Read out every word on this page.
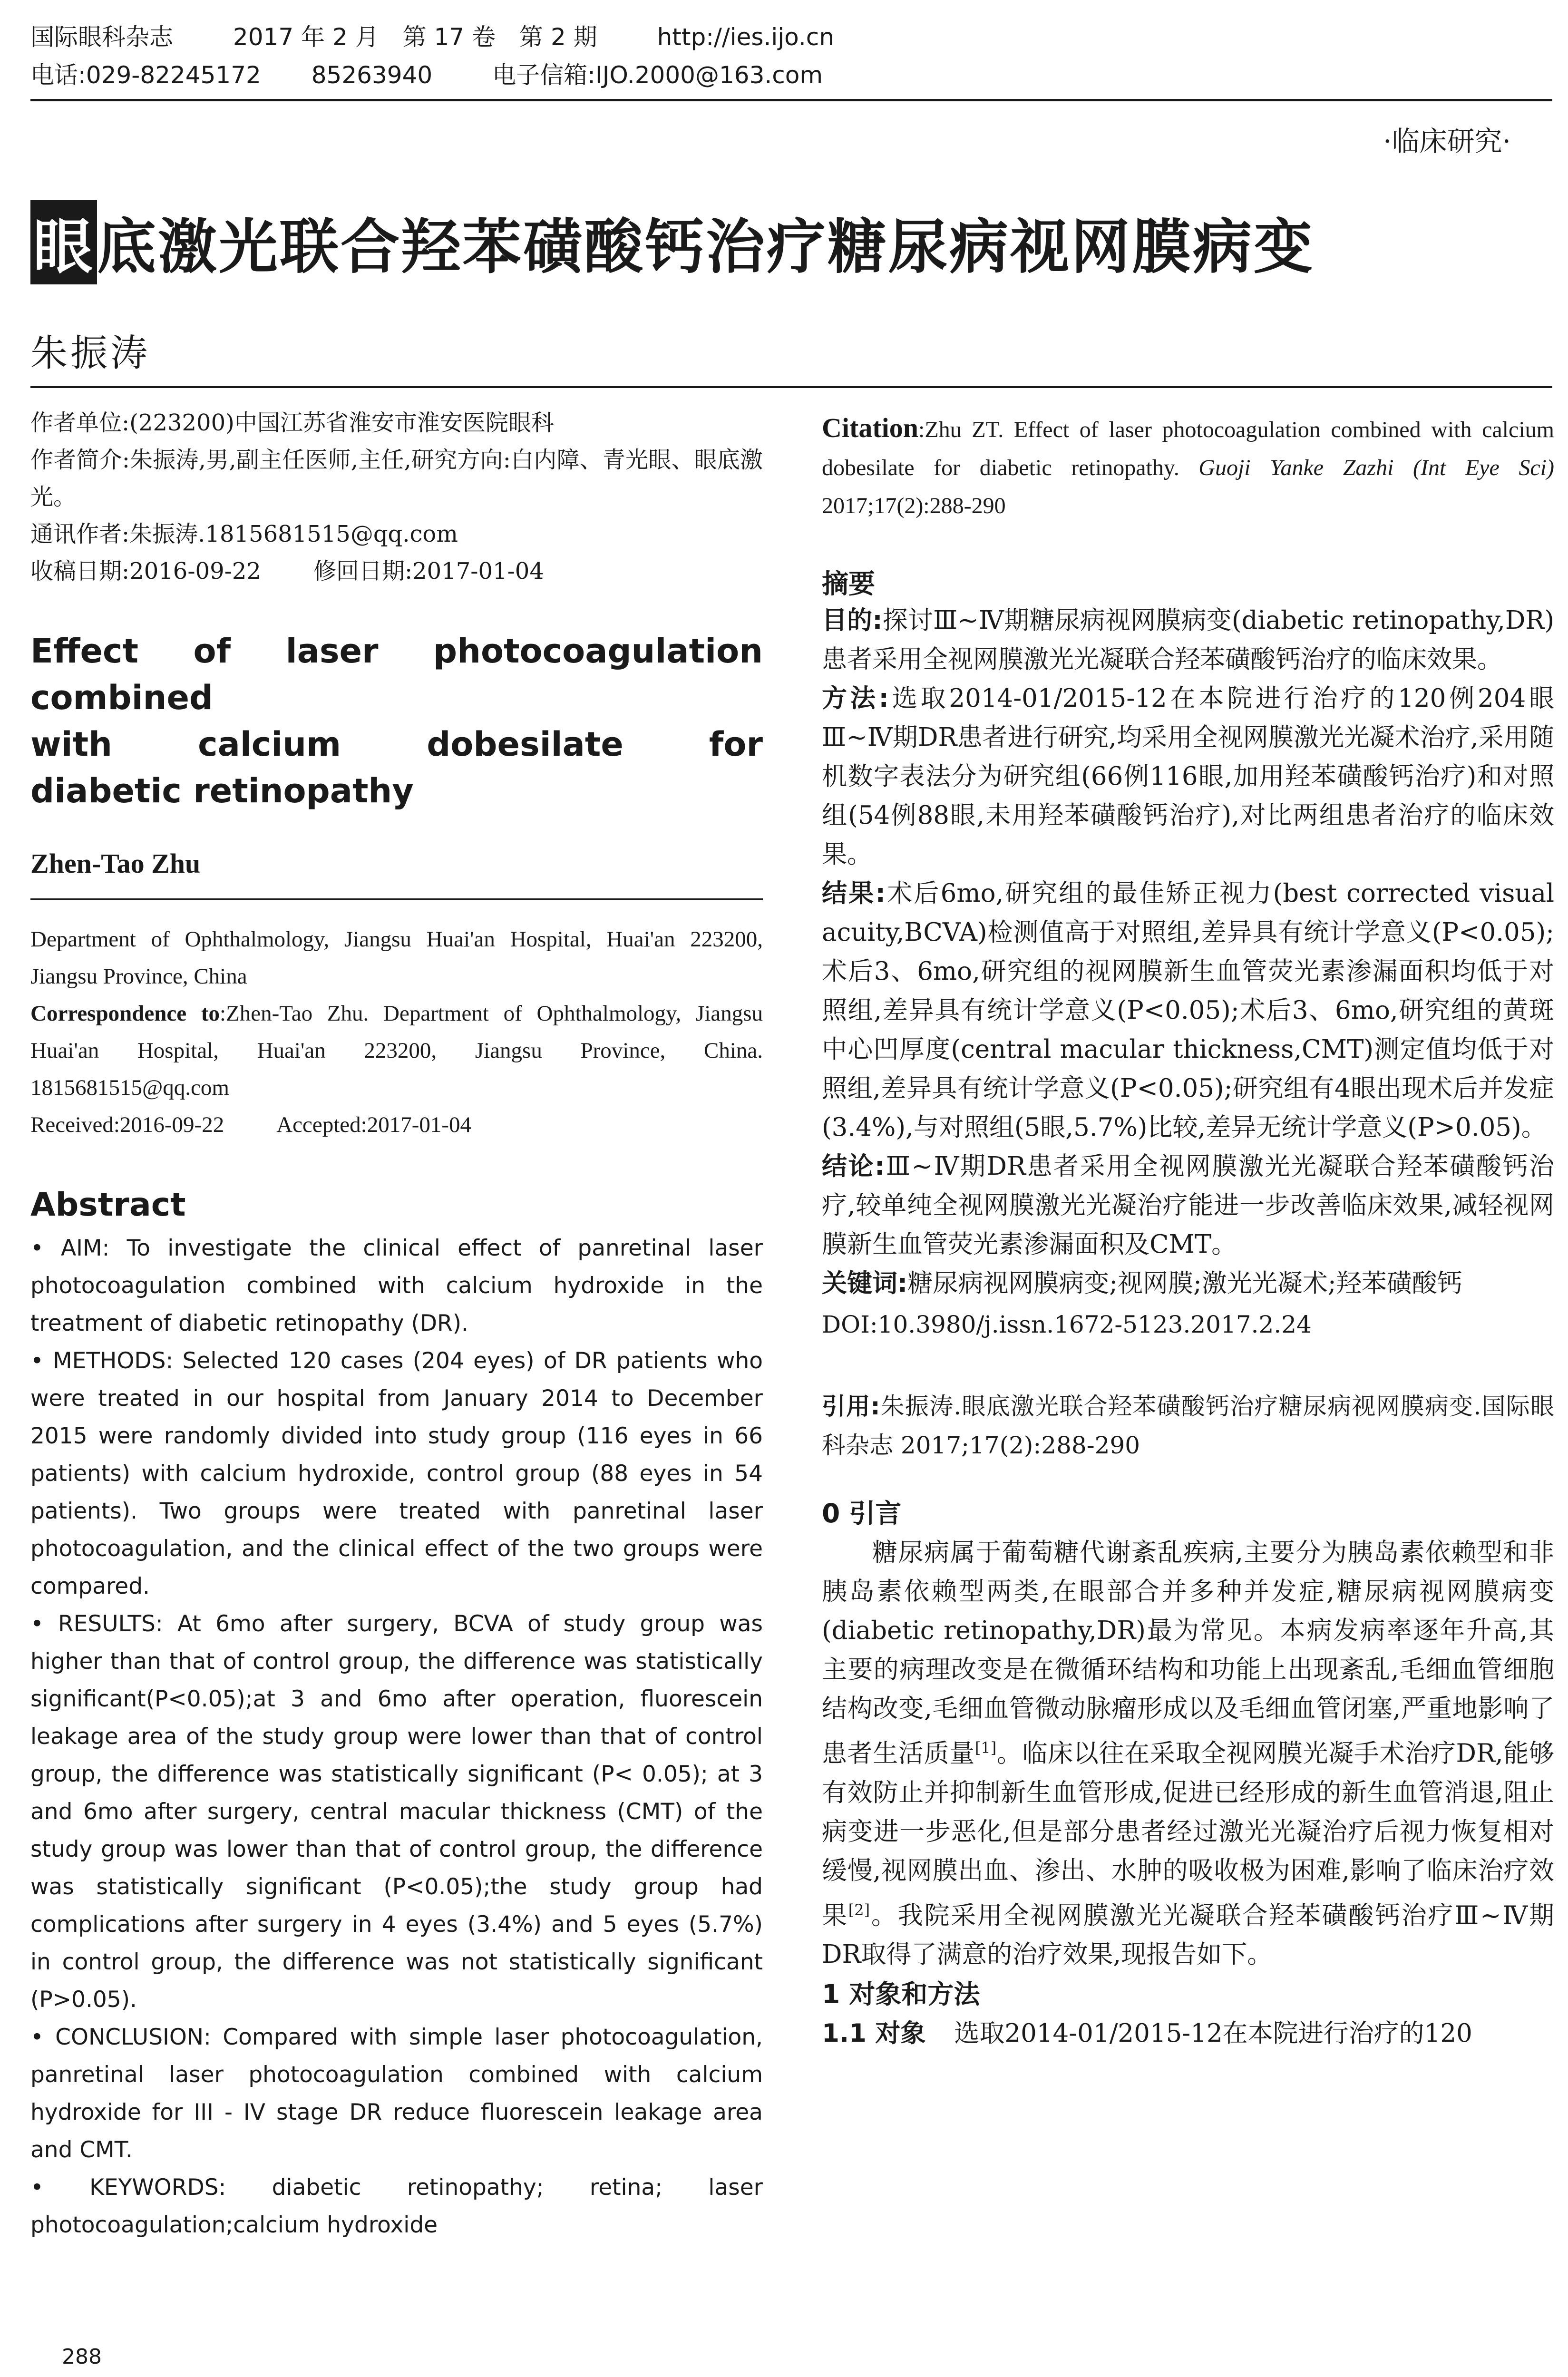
国际眼科杂志	2017 年 2 月　第 17 卷　第 2 期	http://ies.ijo.cn
电话:029-82245172 85263940	电子信箱:IJO.2000@163.com
·临床研究·
眼底激光联合羟苯磺酸钙治疗糖尿病视网膜病变
朱振涛

作者单位:(223200)中国江苏省淮安市淮安医院眼科

作者简介:朱振涛,男,副主任医师,主任,研究方向:白内障、青光眼、眼底激光。

通讯作者:朱振涛.1815681515@qq.com

收稿日期:2016-09-22 修回日期:2017-01-04

Effect of laser photocoagulation combined
with calcium dobesilate for
diabetic retinopathy
Zhen-Tao Zhu

Department of Ophthalmology, Jiangsu Huai'an Hospital, Huai'an 223200, Jiangsu Province, China

Correspondence to:Zhen-Tao Zhu. Department of Ophthalmology, Jiangsu Huai'an Hospital, Huai'an 223200, Jiangsu Province, China. 1815681515@qq.com

Received:2016-09-22 Accepted:2017-01-04

Abstract

• AIM: To investigate the clinical effect of panretinal laser photocoagulation combined with calcium hydroxide in the treatment of diabetic retinopathy (DR).

• METHODS: Selected 120 cases (204 eyes) of DR patients who were treated in our hospital from January 2014 to December 2015 were randomly divided into study group (116 eyes in 66 patients) with calcium hydroxide, control group (88 eyes in 54 patients). Two groups were treated with panretinal laser photocoagulation, and the clinical effect of the two groups were compared.

• RESULTS: At 6mo after surgery, BCVA of study group was higher than that of control group, the difference was statistically significant(P<0.05);at 3 and 6mo after operation, fluorescein leakage area of the study group were lower than that of control group, the difference was statistically significant (P< 0.05); at 3 and 6mo after surgery, central macular thickness (CMT) of the study group was lower than that of control group, the difference was statistically significant (P<0.05);the study group had complications after surgery in 4 eyes (3.4%) and 5 eyes (5.7%) in control group, the difference was not statistically significant (P>0.05).

• CONCLUSION: Compared with simple laser photocoagulation, panretinal laser photocoagulation combined with calcium hydroxide for III - IV stage DR reduce fluorescein leakage area and CMT.

• KEYWORDS: diabetic retinopathy; retina; laser photocoagulation;calcium hydroxide

Citation:Zhu ZT. Effect of laser photocoagulation combined with calcium dobesilate for diabetic retinopathy. Guoji Yanke Zazhi (Int Eye Sci) 2017;17(2):288-290
摘要

目的:探讨Ⅲ~Ⅳ期糖尿病视网膜病变(diabetic retinopathy,DR)患者采用全视网膜激光光凝联合羟苯磺酸钙治疗的临床效果。

方法:选取2014-01/2015-12在本院进行治疗的120例204眼Ⅲ~Ⅳ期DR患者进行研究,均采用全视网膜激光光凝术治疗,采用随机数字表法分为研究组(66例116眼,加用羟苯磺酸钙治疗)和对照组(54例88眼,未用羟苯磺酸钙治疗),对比两组患者治疗的临床效果。

结果:术后6mo,研究组的最佳矫正视力(best corrected visual acuity,BCVA)检测值高于对照组,差异具有统计学意义(P<0.05);术后3、6mo,研究组的视网膜新生血管荧光素渗漏面积均低于对照组,差异具有统计学意义(P<0.05);术后3、6mo,研究组的黄斑中心凹厚度(central macular thickness,CMT)测定值均低于对照组,差异具有统计学意义(P<0.05);研究组有4眼出现术后并发症(3.4%),与对照组(5眼,5.7%)比较,差异无统计学意义(P>0.05)。

结论:Ⅲ~Ⅳ期DR患者采用全视网膜激光光凝联合羟苯磺酸钙治疗,较单纯全视网膜激光光凝治疗能进一步改善临床效果,减轻视网膜新生血管荧光素渗漏面积及CMT。

关键词:糖尿病视网膜病变;视网膜;激光光凝术;羟苯磺酸钙

DOI:10.3980/j.issn.1672-5123.2017.2.24
引用:朱振涛.眼底激光联合羟苯磺酸钙治疗糖尿病视网膜病变.国际眼科杂志 2017;17(2):288-290
0 引言
糖尿病属于葡萄糖代谢紊乱疾病,主要分为胰岛素依赖型和非胰岛素依赖型两类,在眼部合并多种并发症,糖尿病视网膜病变(diabetic retinopathy,DR)最为常见。本病发病率逐年升高,其主要的病理改变是在微循环结构和功能上出现紊乱,毛细血管细胞结构改变,毛细血管微动脉瘤形成以及毛细血管闭塞,严重地影响了患者生活质量[1]。临床以往在采取全视网膜光凝手术治疗DR,能够有效防止并抑制新生血管形成,促进已经形成的新生血管消退,阻止病变进一步恶化,但是部分患者经过激光光凝治疗后视力恢复相对缓慢,视网膜出血、渗出、水肿的吸收极为困难,影响了临床治疗效果[2]。我院采用全视网膜激光光凝联合羟苯磺酸钙治疗Ⅲ~Ⅳ期DR取得了满意的治疗效果,现报告如下。
1 对象和方法
1.1 对象 选取2014-01/2015-12在本院进行治疗的120
288
